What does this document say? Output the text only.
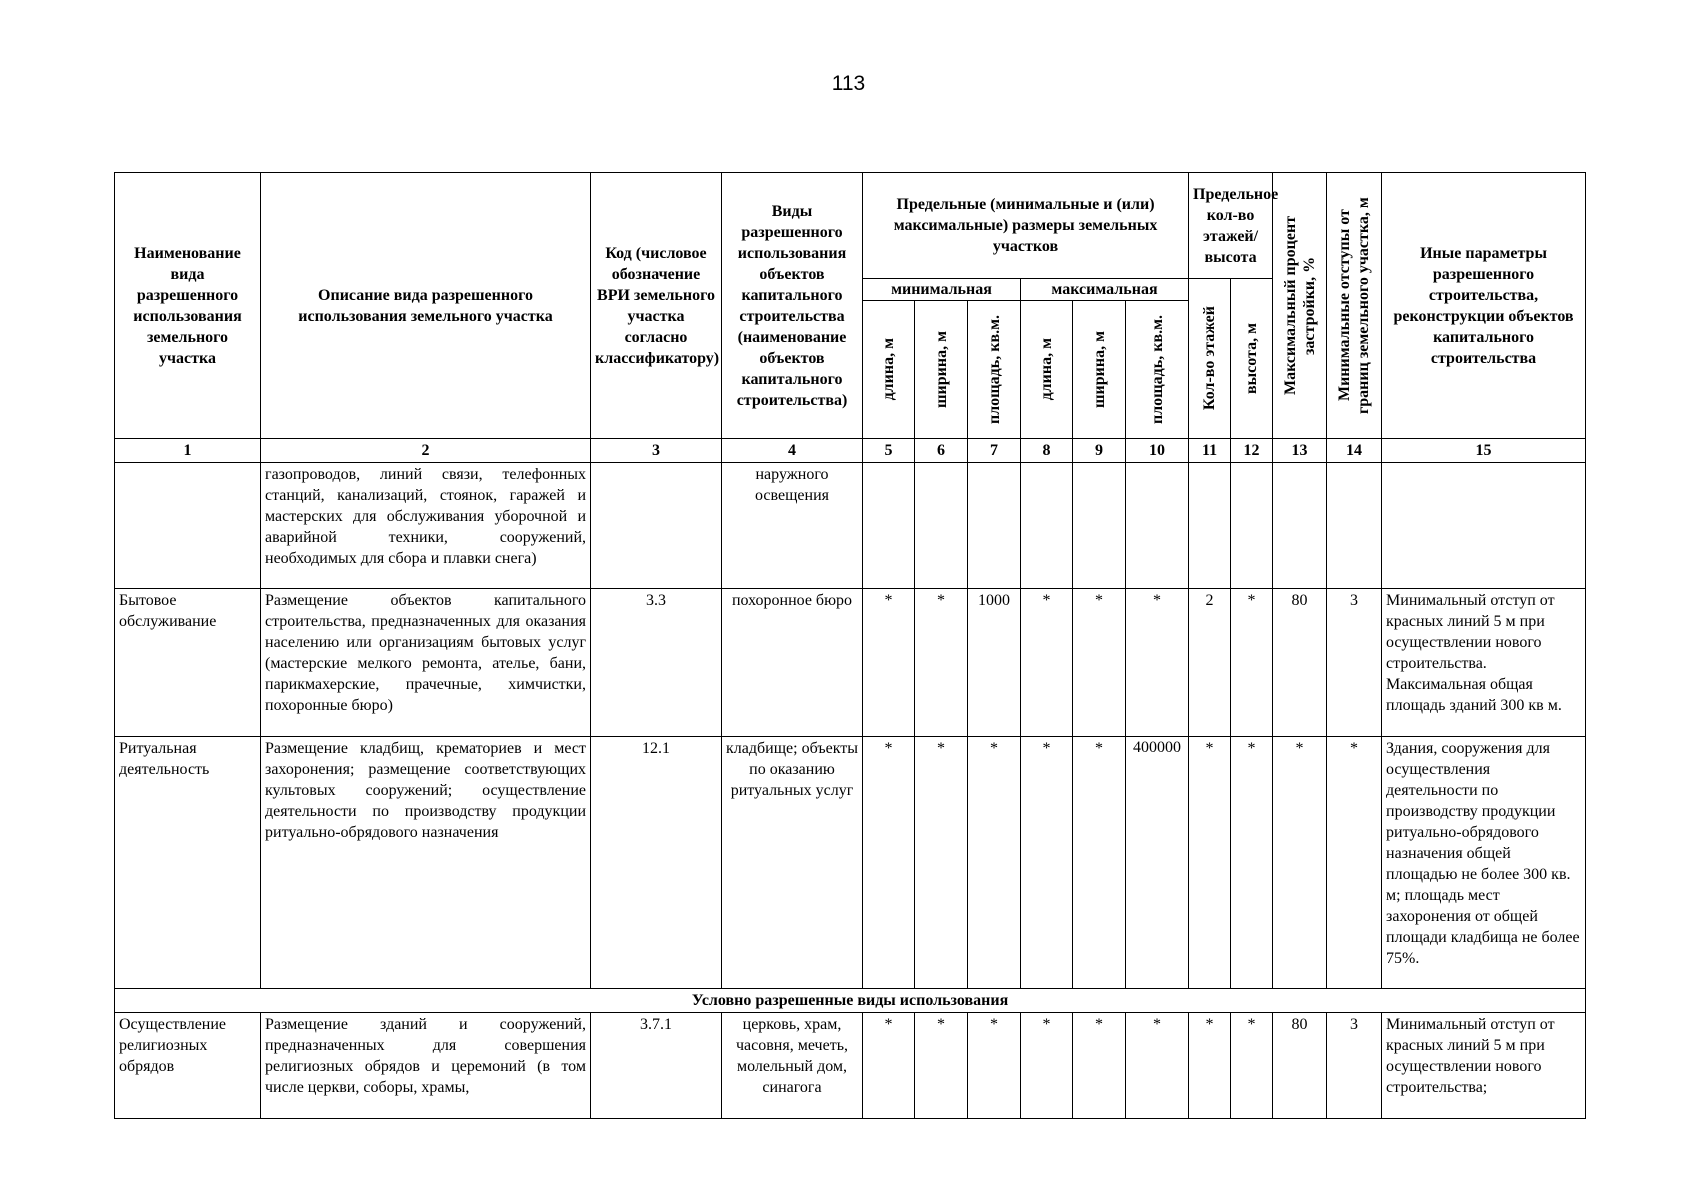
113
Наименование вида разрешенного использования земельного участка	Описание вида разрешенного использования земельного участка	Код (числовое обозначение ВРИ земельного участка согласно классификатору)	Виды разрешенного использования объектов капитального строительства (наименование объектов капитального строительства)	Предельные (минимальные и (или) максимальные) размеры земельных участков						Предельное кол-во этажей/ высота		Максимальный процент застройки, %	Минимальные отступы от границ земельного участка, м	Иные параметры разрешенного строительства, реконструкции объектов капитального строительства
				минимальная			максимальная			Кол-во этажей	высота, м			

				длина, м	ширина, м	площадь, кв.м.	длина, м	ширина, м	площадь, кв.м.					

1	2	3	4	5	6	7	8	9	10	11	12	13	14	15
	газопроводов, линий связи, телефонных станций, канализаций, стоянок, гаражей и мастерских для обслуживания уборочной и аварийной техники, сооружений, необходимых для сбора и плавки снега)		наружного освещения											
Бытовое обслуживание	Размещение объектов капитального строительства, предназначенных для оказания населению или организациям бытовых услуг (мастерские мелкого ремонта, ателье, бани, парикмахерские, прачечные, химчистки, похоронные бюро)	3.3	похоронное бюро	*	*	1000	*	*	*	2	*	80	3	Минимальный отступ от красных линий 5 м при осуществлении нового строительства. Максимальная общая площадь зданий 300 кв м.
Ритуальная деятельность	Размещение кладбищ, крематориев и мест захоронения; размещение соответствующих культовых сооружений; осуществление деятельности по производству продукции ритуально-обрядового назначения	12.1	кладбище; объекты по оказанию ритуальных услуг	*	*	*	*	*	400000	*	*	*	*	Здания, сооружения для осуществления деятельности по производству продукции ритуально-обрядового назначения общей площадью не более 300 кв. м; площадь мест захоронения от общей площади кладбища не более 75%.
Условно разрешенные виды использования														
Осуществление религиозных обрядов	Размещение зданий и сооружений, предназначенных для совершения религиозных обрядов и церемоний (в том числе церкви, соборы, храмы,	3.7.1	церковь, храм, часовня, мечеть, молельный дом, синагога	*	*	*	*	*	*	*	*	80	3	Минимальный отступ от красных линий 5 м при осуществлении нового строительства;
